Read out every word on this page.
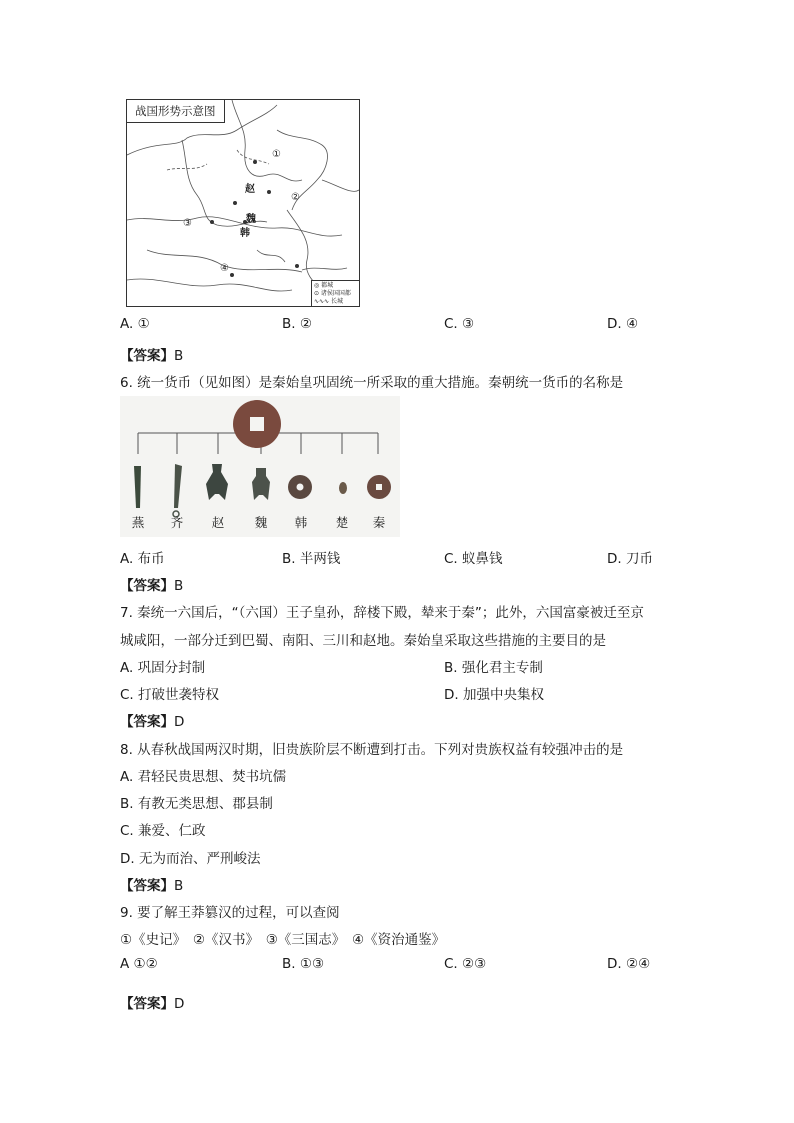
战国形势示意图
赵
魏
韩
①
②
③
④
◎ 都城
⊙ 诸侯国国都
∿∿∿ 长城
A. ①	B. ②	C. ③	D. ④
【答案】B
6. 统一货币（见如图）是秦始皇巩固统一所采取的重大措施。秦朝统一货币的名称是
燕	齐	赵	魏	韩	楚	秦
A. 布币	B. 半两钱	C. 蚁鼻钱	D. 刀币
【答案】B
7. 秦统一六国后，“（六国）王子皇孙，辞楼下殿，辇来于秦”；此外，六国富豪被迁至京
城咸阳，一部分迁到巴蜀、南阳、三川和赵地。秦始皇采取这些措施的主要目的是
A. 巩固分封制	B. 强化君主专制
C. 打破世袭特权	D. 加强中央集权
【答案】D
8. 从春秋战国两汉时期，旧贵族阶层不断遭到打击。下列对贵族权益有较强冲击的是
A. 君轻民贵思想、焚书坑儒
B. 有教无类思想、郡县制
C. 兼爱、仁政
D. 无为而治、严刑峻法
【答案】B
9. 要了解王莽篡汉的过程，可以查阅
①《史记》　②《汉书》　③《三国志》　④《资治通鉴》
A ①②	B. ①③	C. ②③	D. ②④
【答案】D
